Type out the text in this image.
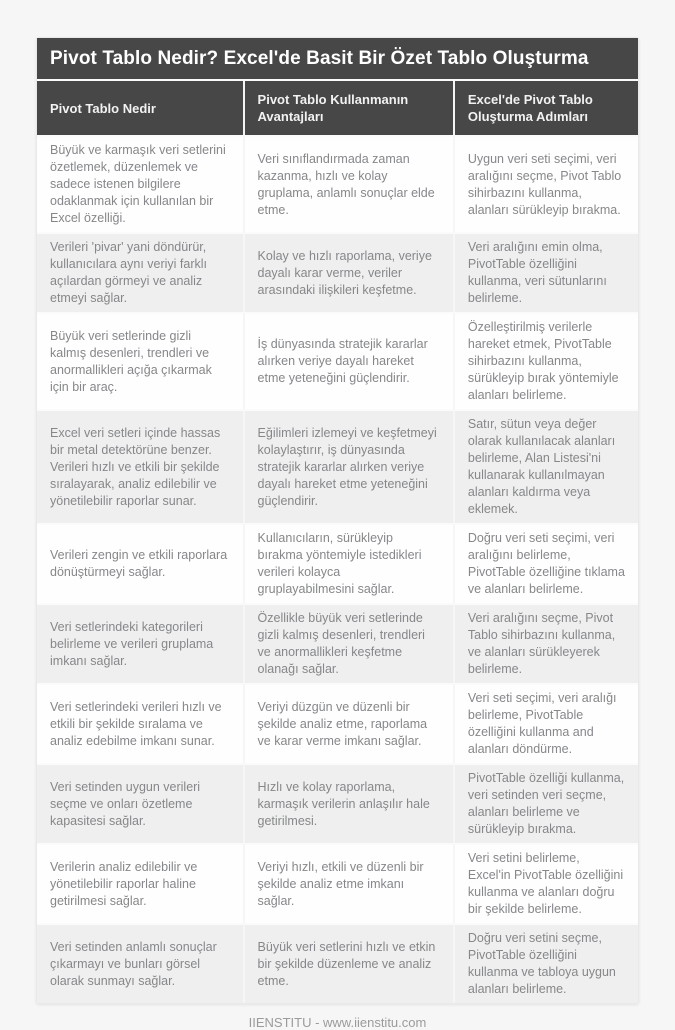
Pivot Tablo Nedir? Excel'de Basit Bir Özet Tablo Oluşturma
Pivot Tablo Nedir	Pivot Tablo Kullanmanın Avantajları	Excel'de Pivot Tablo Oluşturma Adımları
Büyük ve karmaşık veri setlerini özetlemek, düzenlemek ve sadece istenen bilgilere odaklanmak için kullanılan bir Excel özelliği.	Veri sınıflandırmada zaman kazanma, hızlı ve kolay gruplama, anlamlı sonuçlar elde etme.	Uygun veri seti seçimi, veri aralığını seçme, Pivot Tablo sihirbazını kullanma, alanları sürükleyip bırakma.
Verileri 'pivar' yani döndürür, kullanıcılara aynı veriyi farklı açılardan görmeyi ve analiz etmeyi sağlar.	Kolay ve hızlı raporlama, veriye dayalı karar verme, veriler arasındaki ilişkileri keşfetme.	Veri aralığını emin olma, PivotTable özelliğini kullanma, veri sütunlarını belirleme.
Büyük veri setlerinde gizli kalmış desenleri, trendleri ve anormallikleri açığa çıkarmak için bir araç.	İş dünyasında stratejik kararlar alırken veriye dayalı hareket etme yeteneğini güçlendirir.	Özelleştirilmiş verilerle hareket etmek, PivotTable sihirbazını kullanma, sürükleyip bırak yöntemiyle alanları belirleme.
Excel veri setleri içinde hassas bir metal detektörüne benzer. Verileri hızlı ve etkili bir şekilde sıralayarak, analiz edilebilir ve yönetilebilir raporlar sunar.	Eğilimleri izlemeyi ve keşfetmeyi kolaylaştırır, iş dünyasında stratejik kararlar alırken veriye dayalı hareket etme yeteneğini güçlendirir.	Satır, sütun veya değer olarak kullanılacak alanları belirleme, Alan Listesi'ni kullanarak kullanılmayan alanları kaldırma veya eklemek.
Verileri zengin ve etkili raporlara dönüştürmeyi sağlar.	Kullanıcıların, sürükleyip bırakma yöntemiyle istedikleri verileri kolayca gruplayabilmesini sağlar.	Doğru veri seti seçimi, veri aralığını belirleme, PivotTable özelliğine tıklama ve alanları belirleme.
Veri setlerindeki kategorileri belirleme ve verileri gruplama imkanı sağlar.	Özellikle büyük veri setlerinde gizli kalmış desenleri, trendleri ve anormallikleri keşfetme olanağı sağlar.	Veri aralığını seçme, Pivot Tablo sihirbazını kullanma, ve alanları sürükleyerek belirleme.
Veri setlerindeki verileri hızlı ve etkili bir şekilde sıralama ve analiz edebilme imkanı sunar.	Veriyi düzgün ve düzenli bir şekilde analiz etme, raporlama ve karar verme imkanı sağlar.	Veri seti seçimi, veri aralığı belirleme, PivotTable özelliğini kullanma and alanları döndürme.
Veri setinden uygun verileri seçme ve onları özetleme kapasitesi sağlar.	Hızlı ve kolay raporlama, karmaşık verilerin anlaşılır hale getirilmesi.	PivotTable özelliği kullanma, veri setinden veri seçme, alanları belirleme ve sürükleyip bırakma.
Verilerin analiz edilebilir ve yönetilebilir raporlar haline getirilmesi sağlar.	Veriyi hızlı, etkili ve düzenli bir şekilde analiz etme imkanı sağlar.	Veri setini belirleme, Excel'in PivotTable özelliğini kullanma ve alanları doğru bir şekilde belirleme.
Veri setinden anlamlı sonuçlar çıkarmayı ve bunları görsel olarak sunmayı sağlar.	Büyük veri setlerini hızlı ve etkin bir şekilde düzenleme ve analiz etme.	Doğru veri setini seçme, PivotTable özelliğini kullanma ve tabloya uygun alanları belirleme.
IIENSTITU - www.iienstitu.com
